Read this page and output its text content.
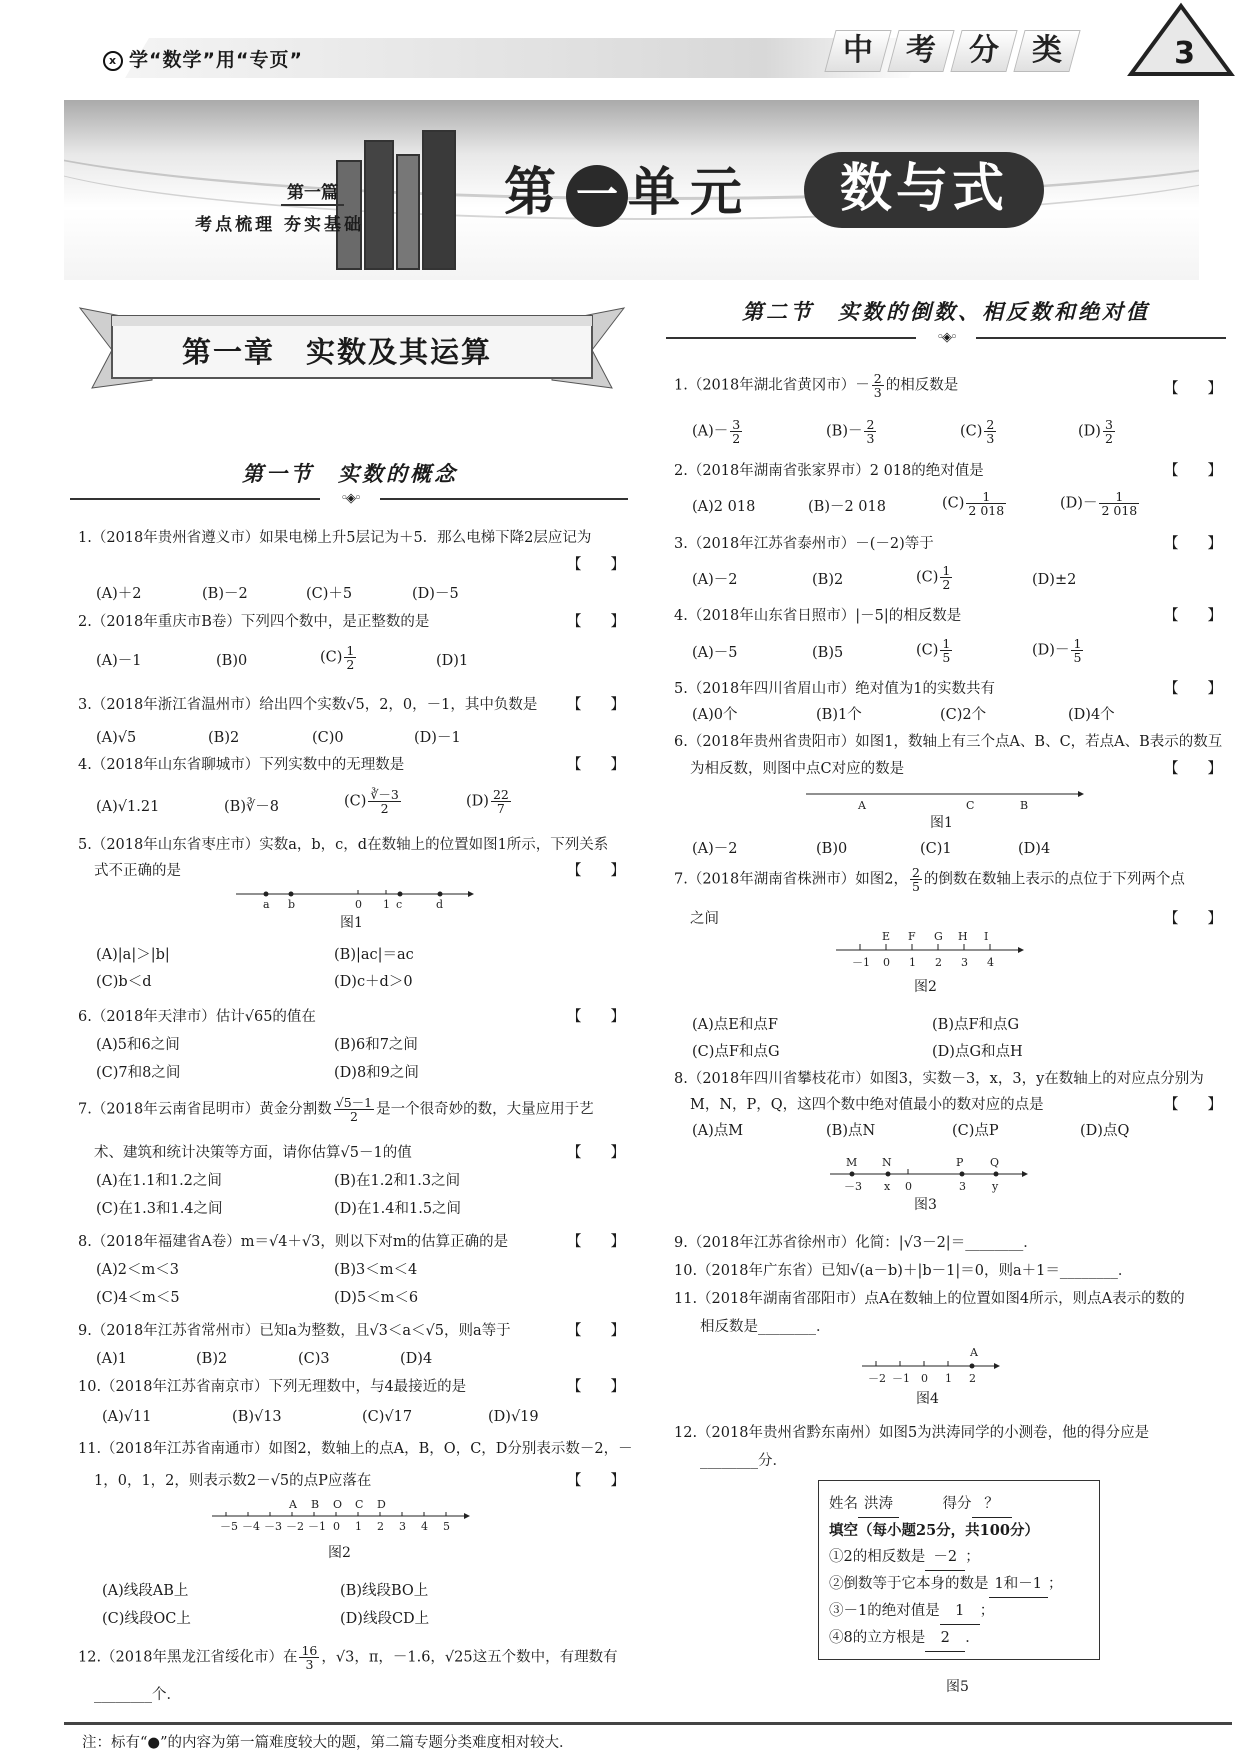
x 学“数学”用“专页”	中	考	分	类	3
第一篇
考点梳理 夯实基础
第 一 单元	数与式
第一章　实数及其运算
第一节　实数的概念
◦◈◦
1.（2018年贵州省遵义市）如果电梯上升5层记为＋5．那么电梯下降2层应记为
【　　】
(A)＋2	(B)－2	(C)＋5	(D)－5
2.（2018年重庆市B卷）下列四个数中，是正整数的是	【　　】
(A)－1	(B)0	$(C) \frac{1}{2}$	(D)1
3.（2018年浙江省温州市）给出四个实数√5，2，0，－1，其中负数是 【　　】
(A)√5	(B)2	(C)0	(D)－1
4.（2018年山东省聊城市）下列实数中的无理数是	【　　】
(A)√1.21	(B)∛－8	$(C) \frac{∛-3}{2}$	$(D) \frac{22}{7}$
5.（2018年山东省枣庄市）实数a，b，c，d在数轴上的位置如图1所示，下列关系
式不正确的是	【　　】
a b	0 1 c	d
图1
(A)|a|＞|b|	(B)|ac|＝ac
(C)b＜d	(D)c＋d＞0
6.（2018年天津市）估计√65的值在	【　　】
(A)5和6之间	(B)6和7之间
(C)7和8之间	(D)8和9之间
7.（2018年云南省昆明市）黄金分割数 $\frac{√5-1}{2}$ 是一个很奇妙的数，大量应用于艺
术、建筑和统计决策等方面，请你估算√5－1的值	【　　】
(A)在1.1和1.2之间	(B)在1.2和1.3之间
(C)在1.3和1.4之间	(D)在1.4和1.5之间
8.（2018年福建省A卷）m＝√4＋√3，则以下对m的估算正确的是	【　　】
(A)2＜m＜3	(B)3＜m＜4
(C)4＜m＜5	(D)5＜m＜6
9.（2018年江苏省常州市）已知a为整数，且√3＜a＜√5，则a等于	【　　】
(A)1	(B)2	(C)3	(D)4
10.（2018年江苏省南京市）下列无理数中，与4最接近的是	【　　】
(A)√11	(B)√13	(C)√17	(D)√19
11.（2018年江苏省南通市）如图2，数轴上的点A，B，O，C，D分别表示数－2，－
1，0，1，2，则表示数2－√5的点P应落在	【　　】
A B O C D
－5 －4 －3 －2 －1 0 1 2 3 4 5
图2
(A)线段AB上	(B)线段BO上
(C)线段OC上	(D)线段CD上
12.（2018年黑龙江省绥化市）在 $\frac{16}{3}$ ，√3，π，－1.6，√25这五个数中，有理数有
________个．
第二节　实数的倒数、相反数和绝对值
◦◈◦
1.（2018年湖北省黄冈市）－ $\frac{2}{3}$ 的相反数是	【　　】
$(A)- \frac{3}{2}$	$(B)- \frac{2}{3}$	$(C) \frac{2}{3}$	$(D) \frac{3}{2}$
2.（2018年湖南省张家界市）2 018的绝对值是	【　　】
(A)2 018	(B)－2 018	$(C) \frac{1}{2 018}$	$(D)- \frac{1}{2 018}$
3.（2018年江苏省泰州市）－(－2)等于	【　　】
(A)－2	(B)2	$(C) \frac{1}{2}$	(D)±2
4.（2018年山东省日照市）|－5|的相反数是	【　　】
(A)－5	(B)5	$(C) \frac{1}{5}$	$(D)- \frac{1}{5}$
5.（2018年四川省眉山市）绝对值为1的实数共有	【　　】
(A)0个	(B)1个	(C)2个	(D)4个
6.（2018年贵州省贵阳市）如图1，数轴上有三个点A、B、C，若点A、B表示的数互
为相反数，则图中点C对应的数是	【　　】
A	C	B
图1
(A)－2	(B)0	(C)1	(D)4
7.（2018年湖南省株洲市）如图2， $\frac{2}{5}$ 的倒数在数轴上表示的点位于下列两个点
之间	【　　】
E F G H I
－1 0 1 2 3 4
图2
(A)点E和点F	(B)点F和点G
(C)点F和点G	(D)点G和点H
8.（2018年四川省攀枝花市）如图3，实数－3，x，3，y在数轴上的对应点分别为
M，N，P，Q，这四个数中绝对值最小的数对应的点是	【　　】
(A)点M	(B)点N	(C)点P	(D)点Q
M N	P Q
－3 x 0	3 y
图3
9.（2018年江苏省徐州市）化简：|√3－2|＝________．
10.（2018年广东省）已知√(a－b)＋|b－1|＝0，则a＋1＝________．
11.（2018年湖南省邵阳市）点A在数轴上的位置如图4所示，则点A表示的数的
相反数是________．
A
－2 －1 0 1 2
图4
12.（2018年贵州省黔东南州）如图5为洪涛同学的小测卷，他的得分应是
________分．
姓名 洪涛　　　	得分 ？
填空（每小题25分，共100分）
①2的相反数是 －2 ；
②倒数等于它本身的数是 1和－1 ；
③－1的绝对值是 1 ；
④8的立方根是 2 ．
图5
注：标有“●”的内容为第一篇难度较大的题，第二篇专题分类难度相对较大．
